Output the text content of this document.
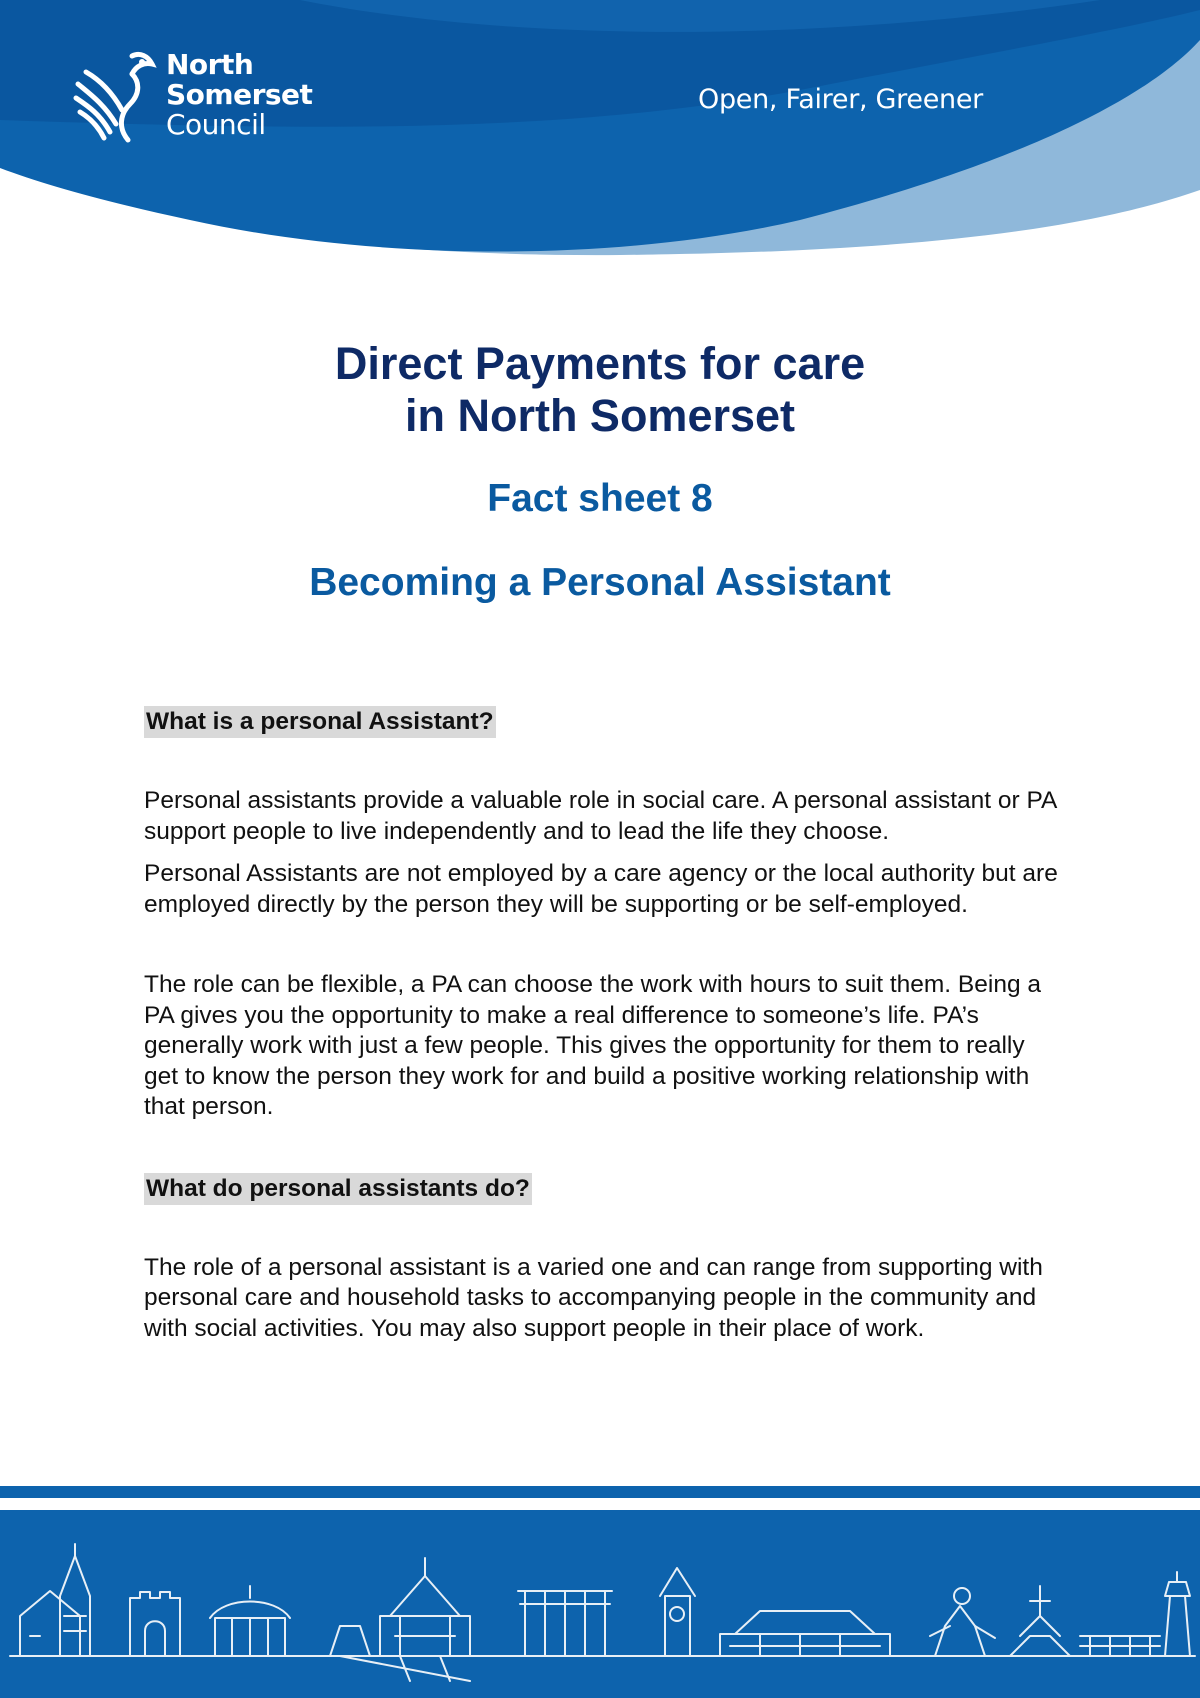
North
Somerset
Council
Open, Fairer, Greener
Direct Payments for care
in North Somerset
Fact sheet 8
Becoming a Personal Assistant
What is a personal Assistant?

Personal assistants provide a valuable role in social care. A personal assistant or PA support people to live independently and to lead the life they choose.

Personal Assistants are not employed by a care agency or the local authority but are employed directly by the person they will be supporting or be self-employed.

The role can be flexible, a PA can choose the work with hours to suit them. Being a PA gives you the opportunity to make a real difference to someone’s life. PA’s generally work with just a few people. This gives the opportunity for them to really get to know the person they work for and build a positive working relationship with that person.

What do personal assistants do?

The role of a personal assistant is a varied one and can range from supporting with personal care and household tasks to accompanying people in the community and with social activities. You may also support people in their place of work.
